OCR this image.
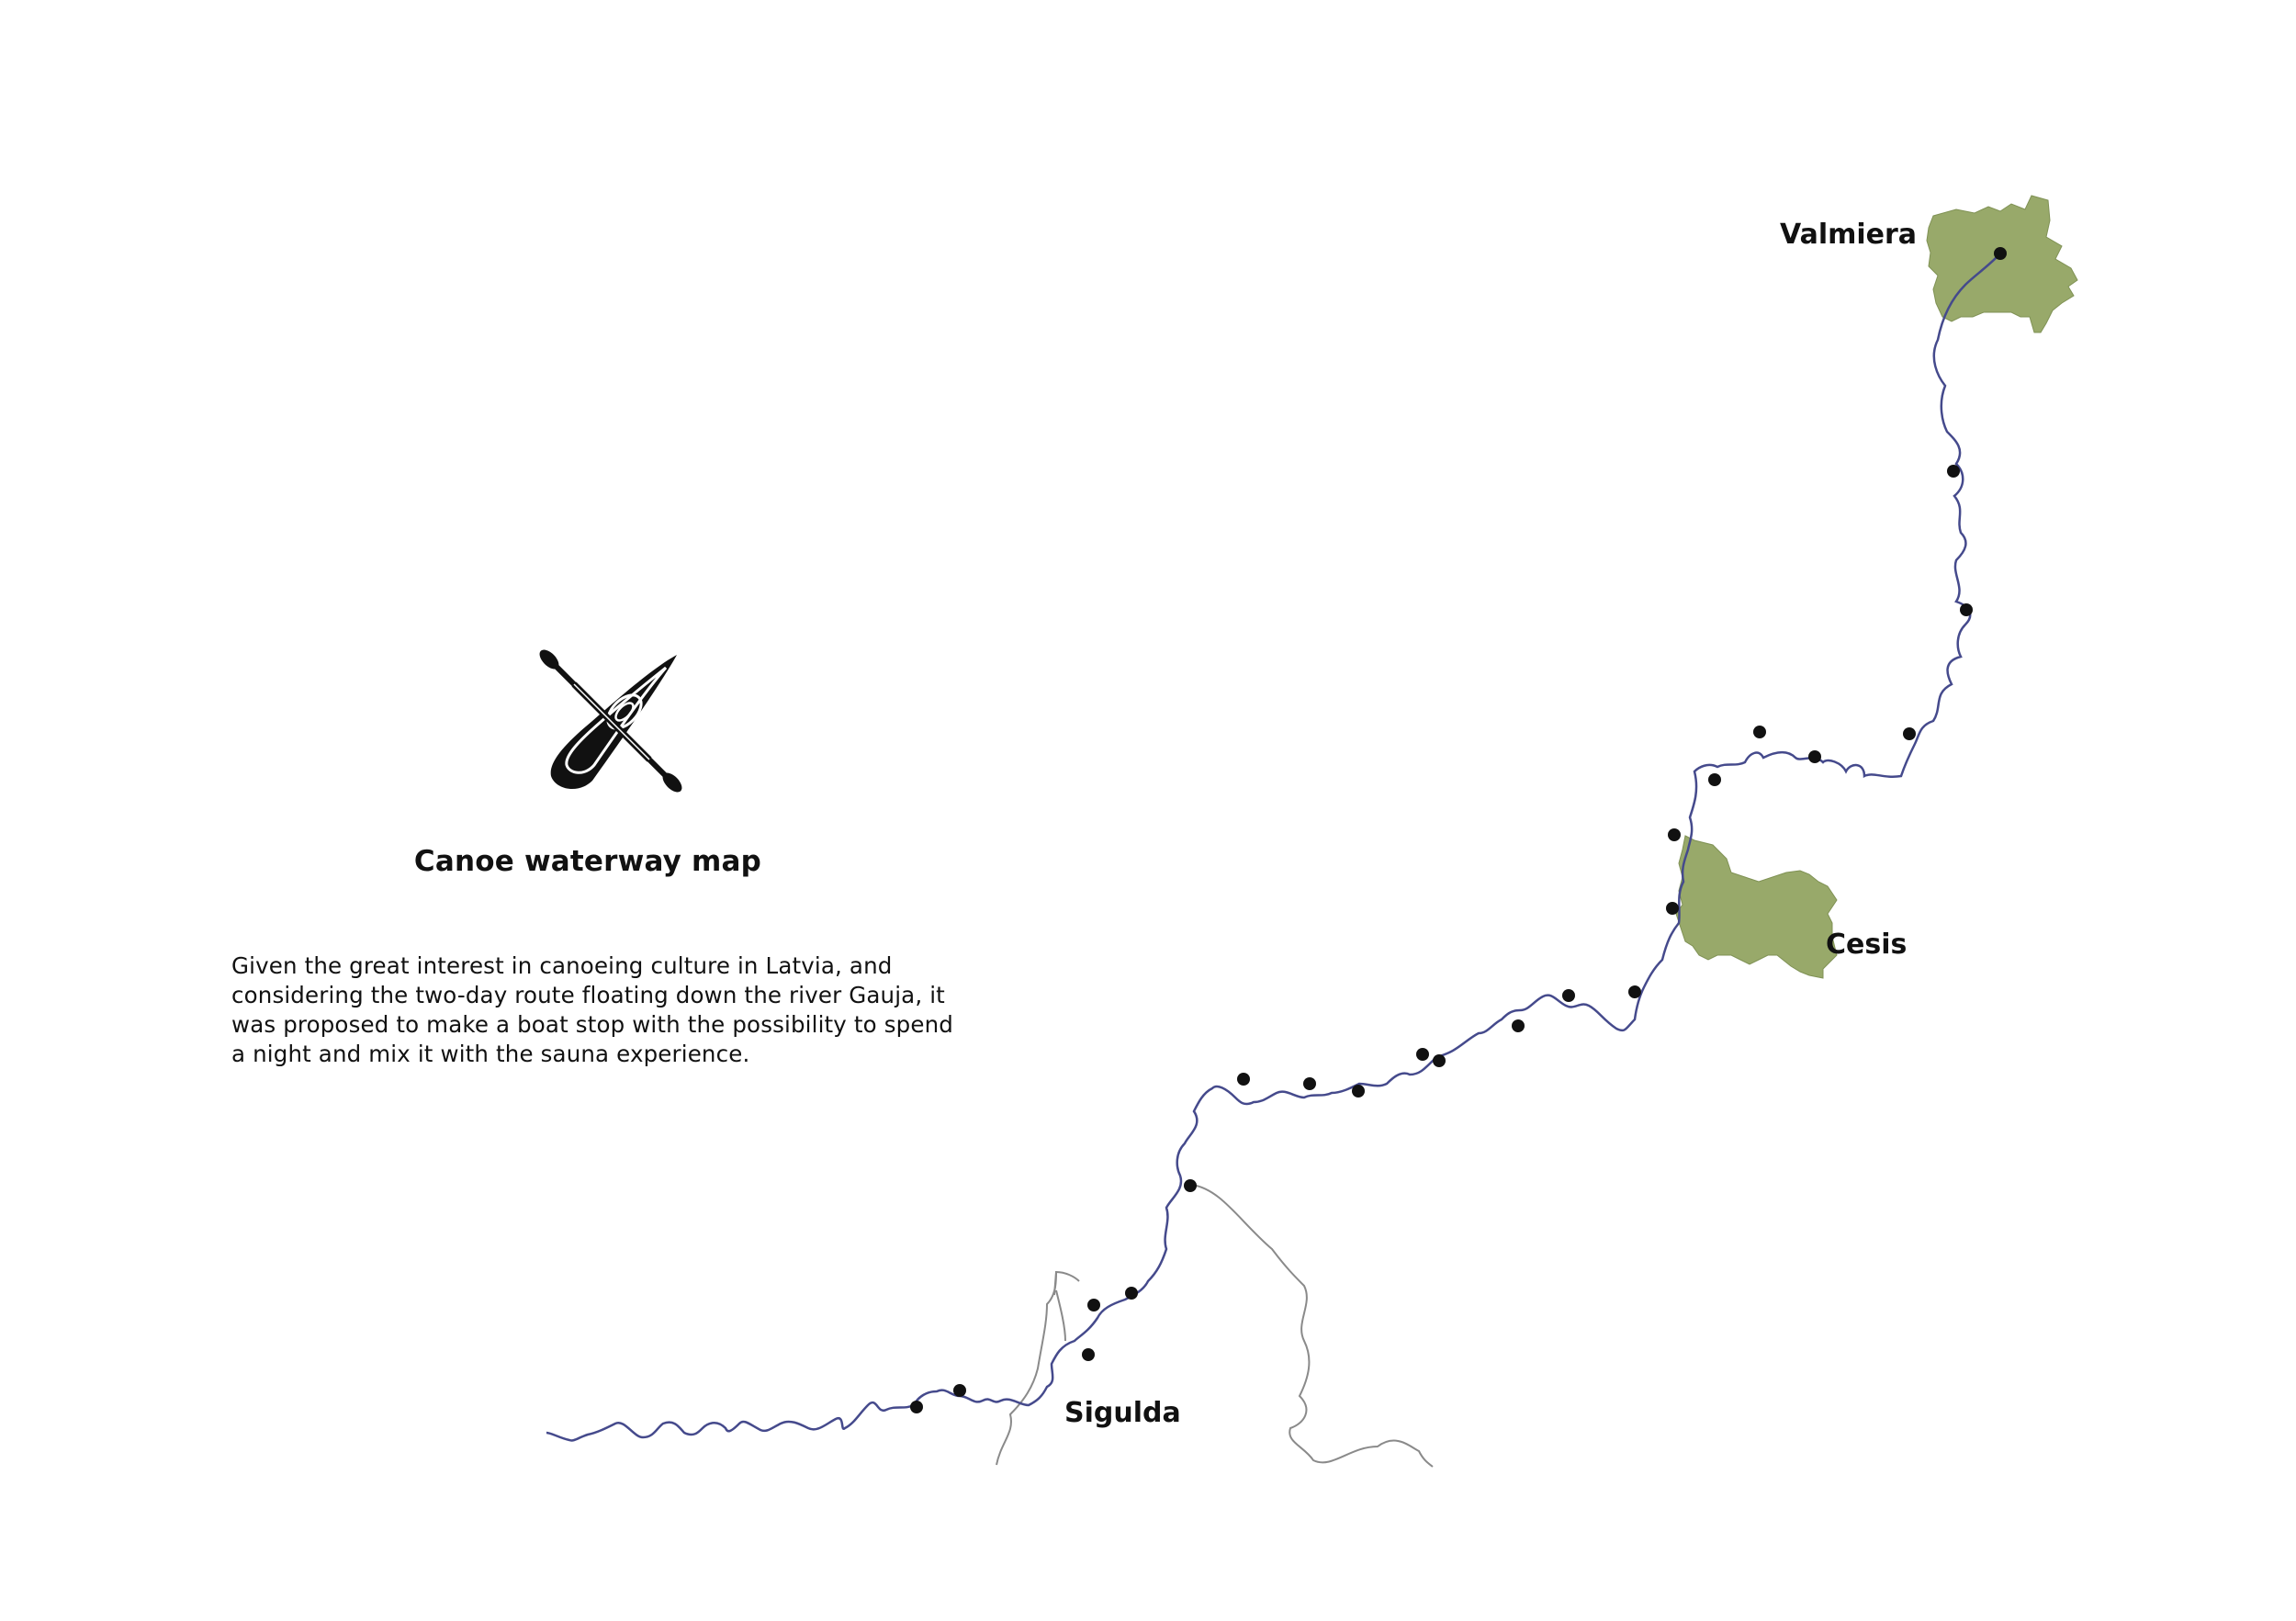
Canoe waterway map
Given the great interest in canoeing culture in Latvia, and considering the two-day route floating down the river Gauja, it was proposed to make a boat stop with the possibility to spend a night and mix it with the sauna experience.
Valmiera
Cesis
Sigulda
